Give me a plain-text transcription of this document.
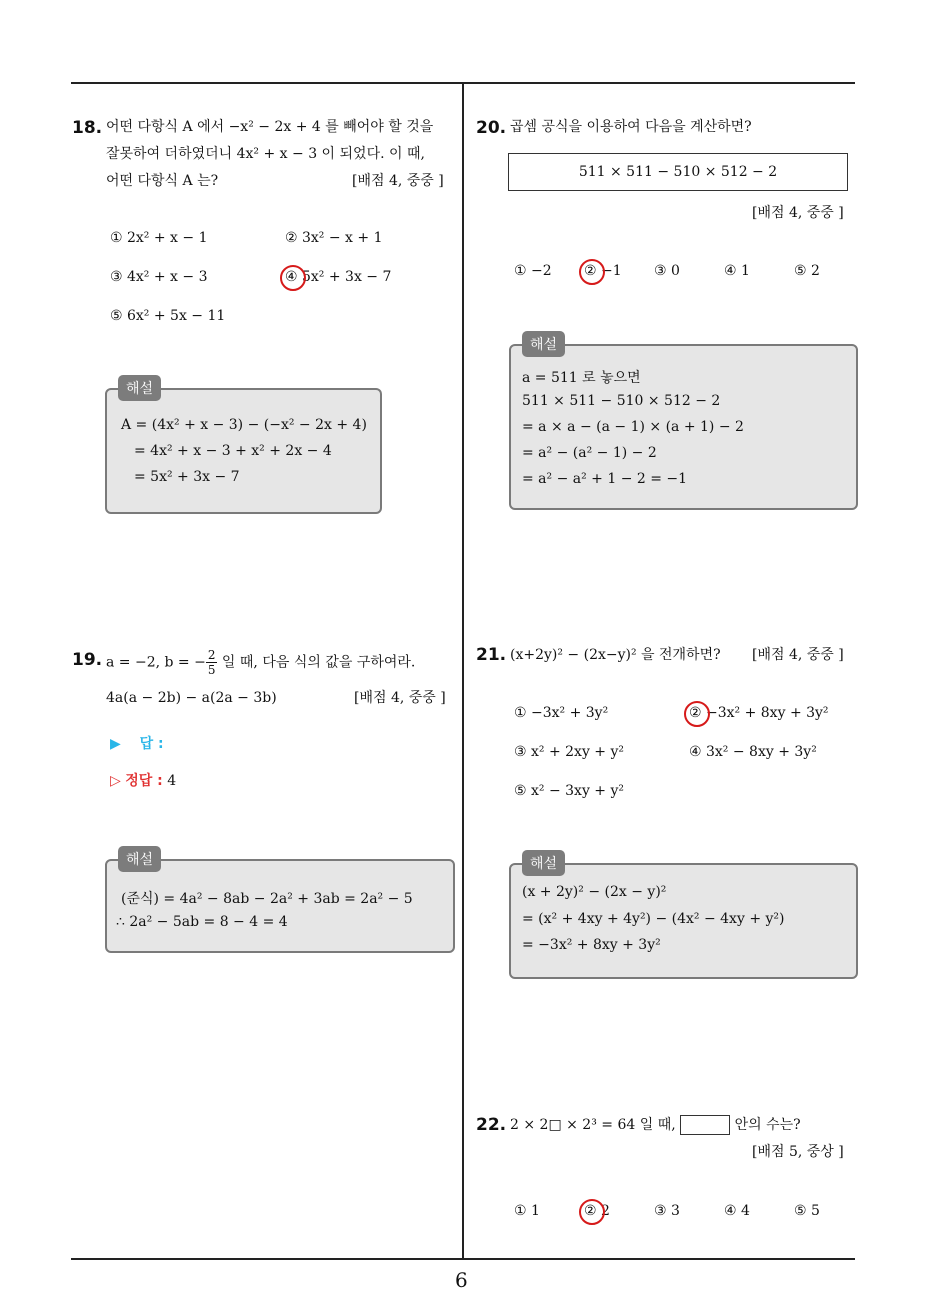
6
18. 어떤 다항식 A 에서 −x² − 2x + 4 를 빼어야 할 것을
잘못하여 더하였더니 4x² + x − 3 이 되었다. 이 때,
어떤 다항식 A 는?	[배점 4, 중중 ]
① 2x² + x − 1	② 3x² − x + 1
③ 4x² + x − 3	④ 5x² + 3x − 7
⑤ 6x² + 5x − 11
해설
A = (4x² + x − 3) − (−x² − 2x + 4)
= 4x² + x − 3 + x² + 2x − 4
= 5x² + 3x − 7
19. a = −2, b = − $\frac{2}{5}$ 일 때, 다음 식의 값을 구하여라.
4a(a − 2b) − a(2a − 3b)	[배점 4, 중중 ]
▶ 답 :
▷ 정답 : 4
해설
(준식) = 4a² − 8ab − 2a² + 3ab = 2a² − 5
∴ 2a² − 5ab = 8 − 4 = 4
20. 곱셈 공식을 이용하여 다음을 계산하면?
511 × 511 − 510 × 512 − 2
[배점 4, 중중 ]
① −2 ② −1 ③ 0	④ 1	⑤ 2
해설
a = 511 로 놓으면
511 × 511 − 510 × 512 − 2
= a × a − (a − 1) × (a + 1) − 2
= a² − (a² − 1) − 2
= a² − a² + 1 − 2 = −1
21. (x+2y)² − (2x−y)² 을 전개하면? [배점 4, 중중 ]
① −3x² + 3y²	② −3x² + 8xy + 3y²
③ x² + 2xy + y²	④ 3x² − 8xy + 3y²
⑤ x² − 3xy + y²
해설
(x + 2y)² − (2x − y)²
= (x² + 4xy + 4y²) − (4x² − 4xy + y²)
= −3x² + 8xy + 3y²
22. 2 × 2□ × 2³ = 64 일 때,	안의 수는?
[배점 5, 중상 ]
① 1	② 2	③ 3	④ 4	⑤ 5
